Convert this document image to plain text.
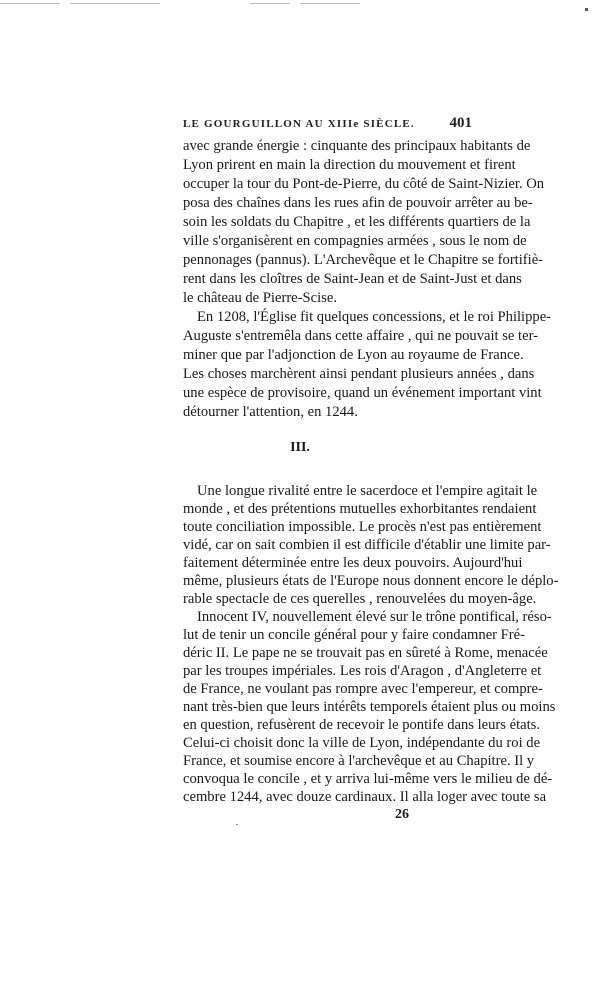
LE GOURGUILLON AU XIIIe SIÈCLE. 401
avec grande énergie : cinquante des principaux habitants de
Lyon prirent en main la direction du mouvement et firent
occuper la tour du Pont-de-Pierre, du côté de Saint-Nizier. On
posa des chaînes dans les rues afin de pouvoir arrêter au be-
soin les soldats du Chapitre , et les différents quartiers de la
ville s'organisèrent en compagnies armées , sous le nom de
pennonages (pannus). L'Archevêque et le Chapitre se fortifiè-
rent dans les cloîtres de Saint-Jean et de Saint-Just et dans
le château de Pierre-Scise.
En 1208, l'Église fit quelques concessions, et le roi Philippe-
Auguste s'entremêla dans cette affaire , qui ne pouvait se ter-
miner que par l'adjonction de Lyon au royaume de France.
Les choses marchèrent ainsi pendant plusieurs années , dans
une espèce de provisoire, quand un événement important vint
détourner l'attention, en 1244.
III.
Une longue rivalité entre le sacerdoce et l'empire agitait le
monde , et des prétentions mutuelles exhorbitantes rendaient
toute conciliation impossible. Le procès n'est pas entièrement
vidé, car on sait combien il est difficile d'établir une limite par-
faitement déterminée entre les deux pouvoirs. Aujourd'hui
même, plusieurs états de l'Europe nous donnent encore le déplo-
rable spectacle de ces querelles , renouvelées du moyen-âge.
Innocent IV, nouvellement élevé sur le trône pontifical, réso-
lut de tenir un concile général pour y faire condamner Fré-
déric II. Le pape ne se trouvait pas en sûreté à Rome, menacée
par les troupes impériales. Les rois d'Aragon , d'Angleterre et
de France, ne voulant pas rompre avec l'empereur, et compre-
nant très-bien que leurs intérêts temporels étaient plus ou moins
en question, refusèrent de recevoir le pontife dans leurs états.
Celui-ci choisit donc la ville de Lyon, indépendante du roi de
France, et soumise encore à l'archevêque et au Chapitre. Il y
convoqua le concile , et y arriva lui-même vers le milieu de dé-
cembre 1244, avec douze cardinaux. Il alla loger avec toute sa
26
